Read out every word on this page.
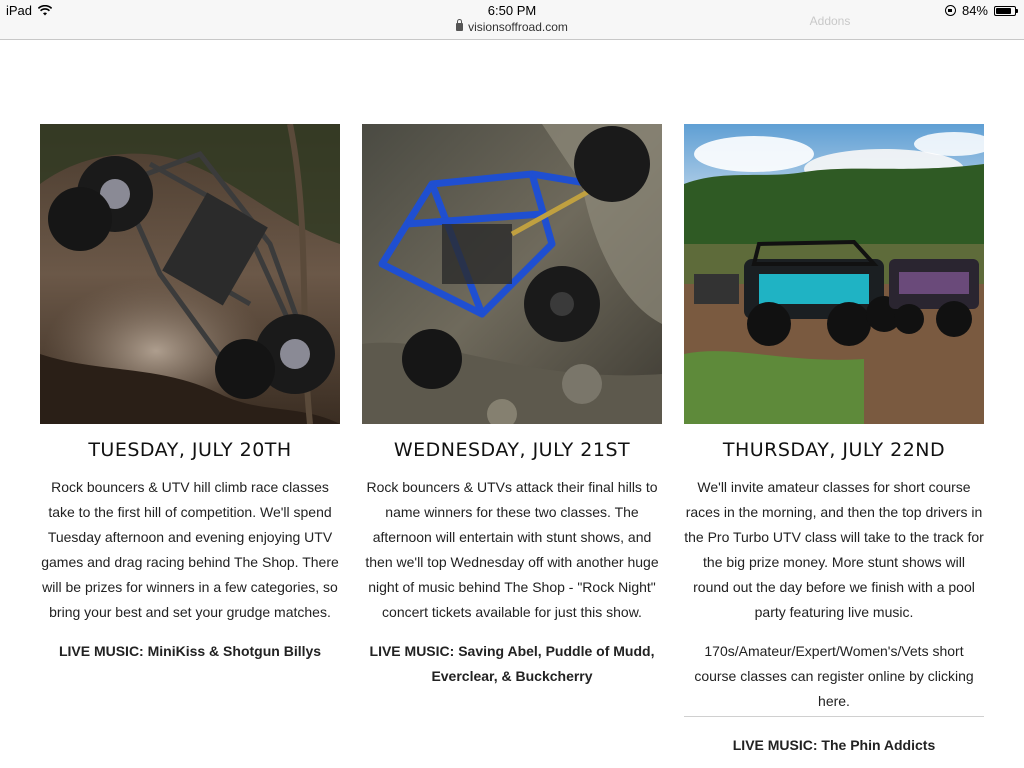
iPad	6:50 PM
visionsoffroad.com
84%
Addons
TUESDAY, JULY 20TH

Rock bouncers & UTV hill climb race classes take to the first hill of competition. We'll spend Tuesday afternoon and evening enjoying UTV games and drag racing behind The Shop. There will be prizes for winners in a few categories, so bring your best and set your grudge matches.

LIVE MUSIC: MiniKiss & Shotgun Billys
WEDNESDAY, JULY 21ST

Rock bouncers & UTVs attack their final hills to name winners for these two classes. The afternoon will entertain with stunt shows, and then we'll top Wednesday off with another huge night of music behind The Shop - "Rock Night" concert tickets available for just this show.

LIVE MUSIC: Saving Abel, Puddle of Mudd, Everclear, & Buckcherry
THURSDAY, JULY 22ND

We'll invite amateur classes for short course races in the morning, and then the top drivers in the Pro Turbo UTV class will take to the track for the big prize money. More stunt shows will round out the day before we finish with a pool party featuring live music.

170s/Amateur/Expert/Women's/Vets short course classes can register online by clicking here.
LIVE MUSIC: The Phin Addicts
